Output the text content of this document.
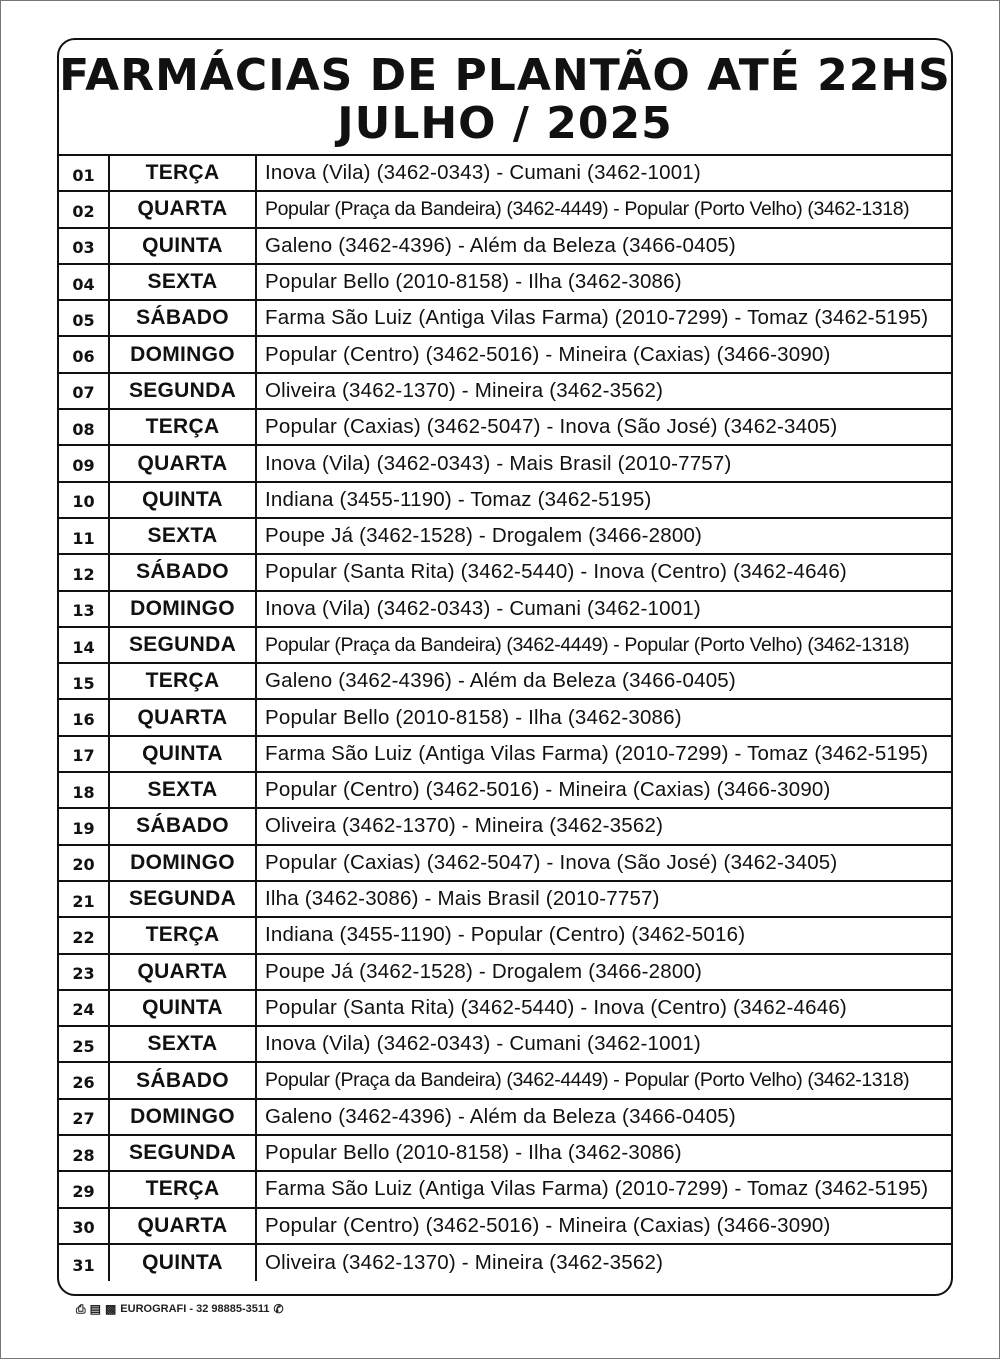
FARMÁCIAS DE PLANTÃO ATÉ 22HS
JULHO / 2025
01	TERÇA	Inova (Vila) (3462-0343) - Cumani (3462-1001)
02	QUARTA	Popular (Praça da Bandeira) (3462-4449) - Popular (Porto Velho) (3462-1318)
03	QUINTA	Galeno (3462-4396) - Além da Beleza (3466-0405)
04	SEXTA	Popular Bello (2010-8158) - Ilha (3462-3086)
05	SÁBADO	Farma São Luiz (Antiga Vilas Farma) (2010-7299) - Tomaz (3462-5195)
06	DOMINGO	Popular (Centro) (3462-5016) - Mineira (Caxias) (3466-3090)
07	SEGUNDA	Oliveira (3462-1370) - Mineira (3462-3562)
08	TERÇA	Popular (Caxias) (3462-5047) - Inova (São José) (3462-3405)
09	QUARTA	Inova (Vila) (3462-0343) - Mais Brasil (2010-7757)
10	QUINTA	Indiana (3455-1190) - Tomaz (3462-5195)
11	SEXTA	Poupe Já (3462-1528) - Drogalem (3466-2800)
12	SÁBADO	Popular (Santa Rita) (3462-5440) - Inova (Centro) (3462-4646)
13	DOMINGO	Inova (Vila) (3462-0343) - Cumani (3462-1001)
14	SEGUNDA	Popular (Praça da Bandeira) (3462-4449) - Popular (Porto Velho) (3462-1318)
15	TERÇA	Galeno (3462-4396) - Além da Beleza (3466-0405)
16	QUARTA	Popular Bello (2010-8158) - Ilha (3462-3086)
17	QUINTA	Farma São Luiz (Antiga Vilas Farma) (2010-7299) - Tomaz (3462-5195)
18	SEXTA	Popular (Centro) (3462-5016) - Mineira (Caxias) (3466-3090)
19	SÁBADO	Oliveira (3462-1370) - Mineira (3462-3562)
20	DOMINGO	Popular (Caxias) (3462-5047) - Inova (São José) (3462-3405)
21	SEGUNDA	Ilha (3462-3086) - Mais Brasil (2010-7757)
22	TERÇA	Indiana (3455-1190) - Popular (Centro) (3462-5016)
23	QUARTA	Poupe Já (3462-1528) - Drogalem (3466-2800)
24	QUINTA	Popular (Santa Rita) (3462-5440) - Inova (Centro) (3462-4646)
25	SEXTA	Inova (Vila) (3462-0343) - Cumani (3462-1001)
26	SÁBADO	Popular (Praça da Bandeira) (3462-4449) - Popular (Porto Velho) (3462-1318)
27	DOMINGO	Galeno (3462-4396) - Além da Beleza (3466-0405)
28	SEGUNDA	Popular Bello (2010-8158) - Ilha (3462-3086)
29	TERÇA	Farma São Luiz (Antiga Vilas Farma) (2010-7299) - Tomaz (3462-5195)
30	QUARTA	Popular (Centro) (3462-5016) - Mineira (Caxias) (3466-3090)
31	QUINTA	Oliveira (3462-1370) - Mineira (3462-3562)
⎙ ▤ ▩ EUROGRAFI - 32 98885-3511 ✆
